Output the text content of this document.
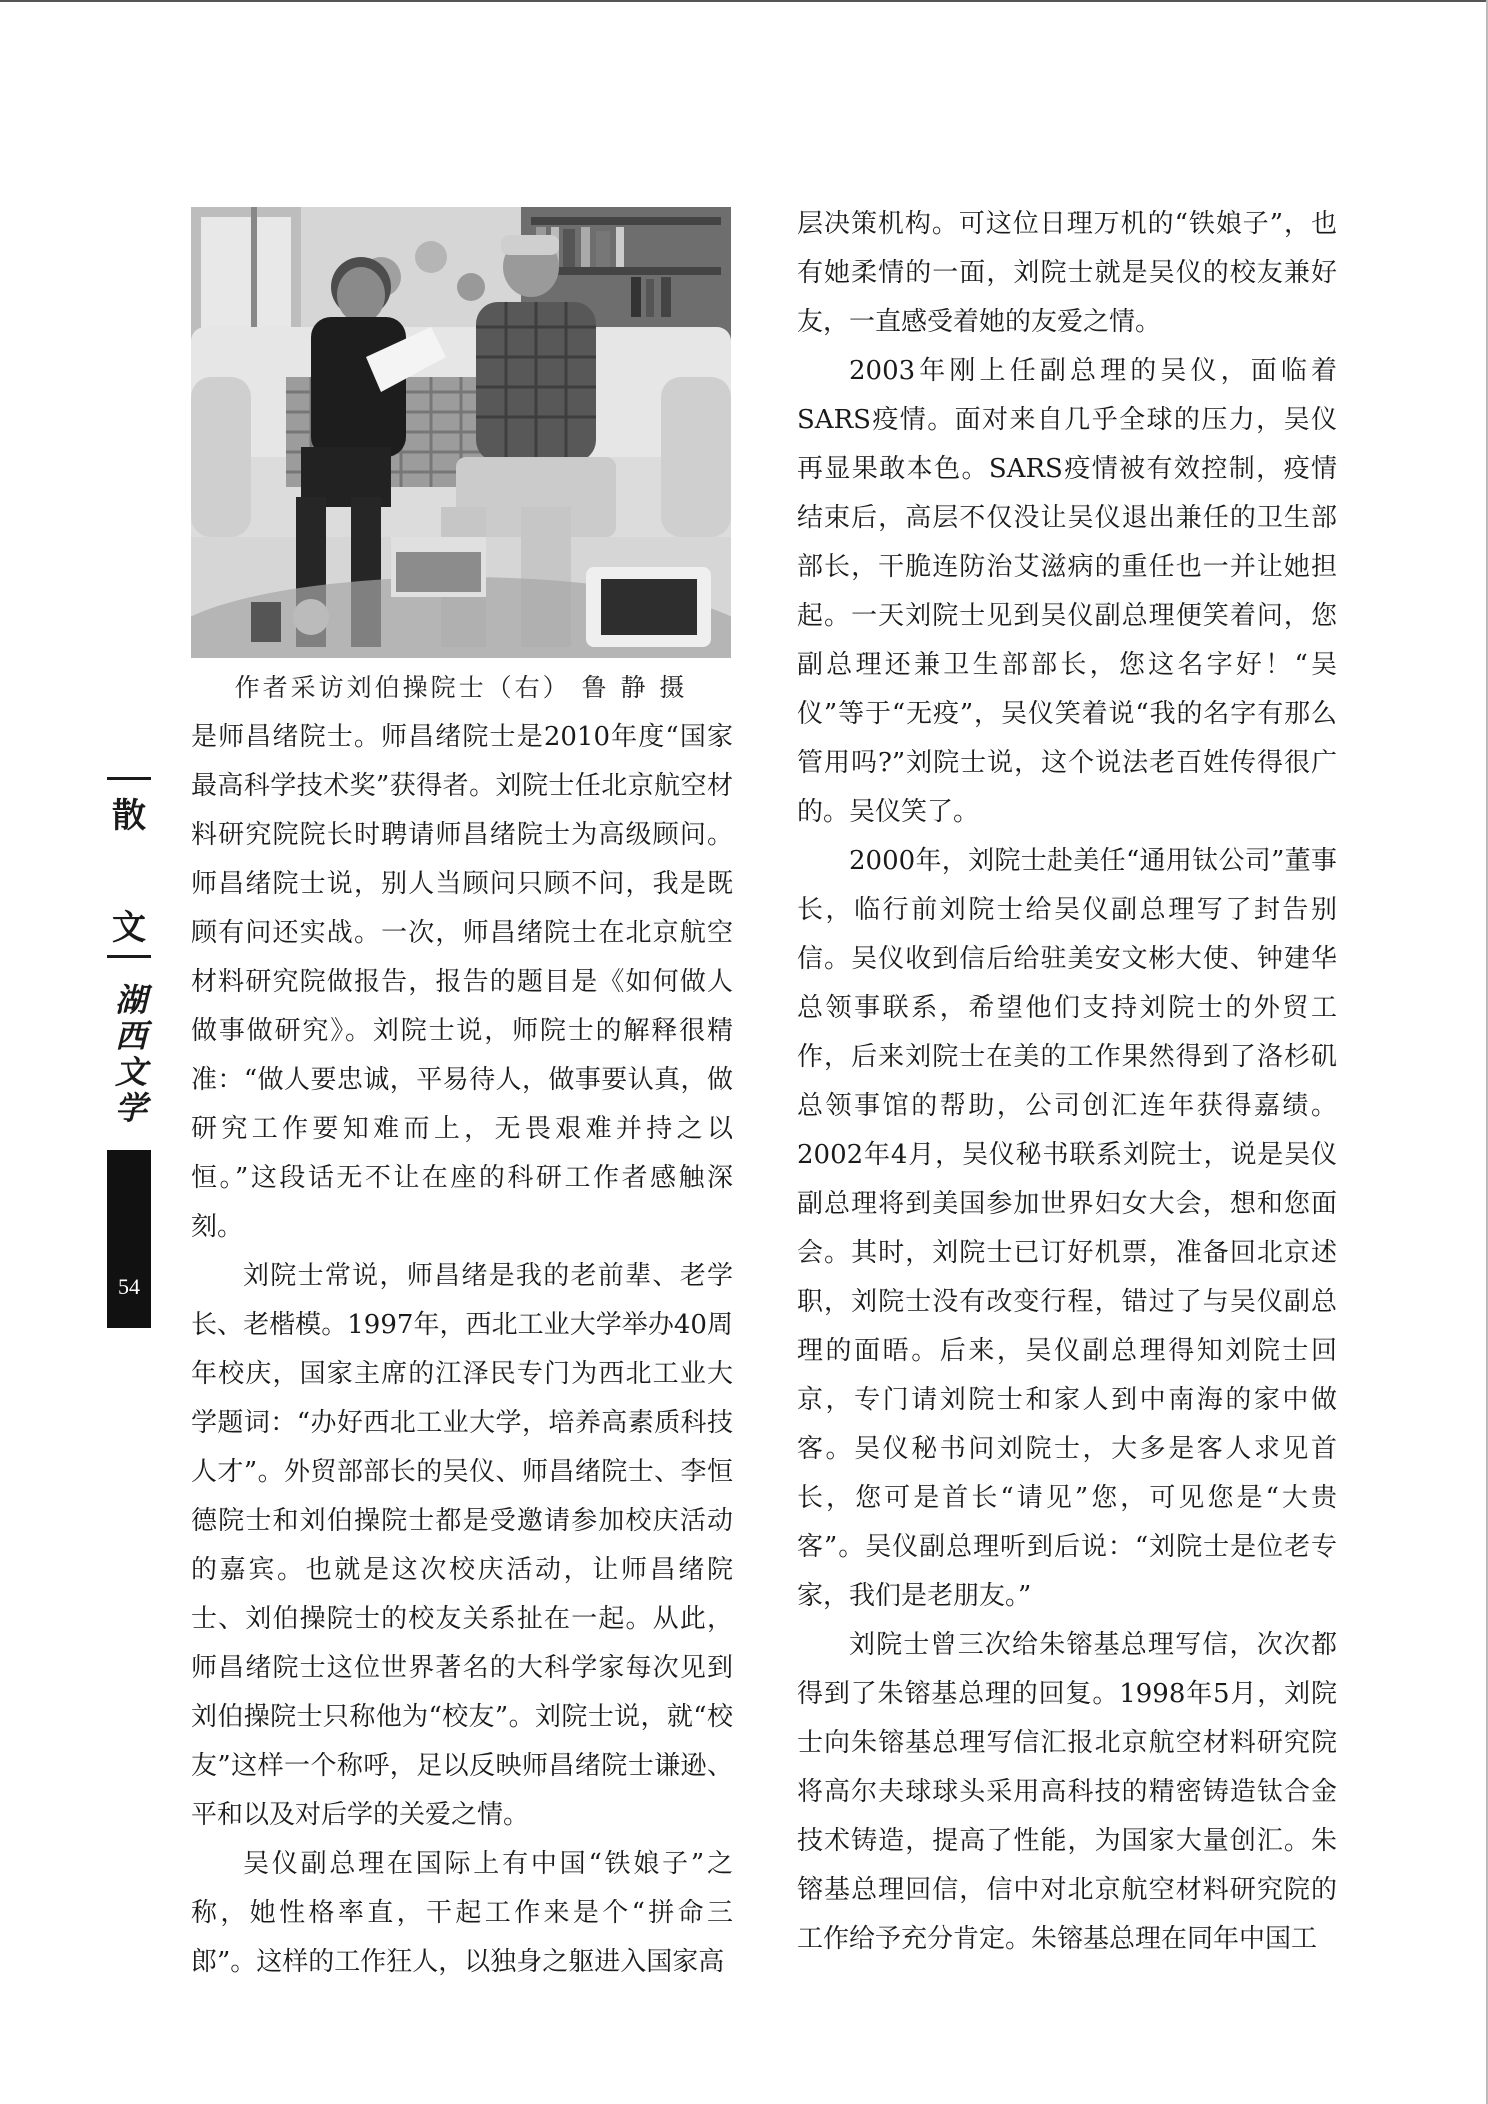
作者采访刘伯操院士（右） 鲁 静 摄
散
文
湖
西
文
学
54

是师昌绪院士。师昌绪院士是2010年度“国家最高科学技术奖”获得者。刘院士任北京航空材料研究院院长时聘请师昌绪院士为高级顾问。师昌绪院士说，别人当顾问只顾不问，我是既顾有问还实战。一次，师昌绪院士在北京航空材料研究院做报告，报告的题目是《如何做人做事做研究》。刘院士说，师院士的解释很精准：“做人要忠诚，平易待人，做事要认真，做研究工作要知难而上，无畏艰难并持之以恒。”这段话无不让在座的科研工作者感触深刻。

刘院士常说，师昌绪是我的老前辈、老学长、老楷模。1997年，西北工业大学举办40周年校庆，国家主席的江泽民专门为西北工业大学题词：“办好西北工业大学，培养高素质科技人才”。外贸部部长的吴仪、师昌绪院士、李恒德院士和刘伯操院士都是受邀请参加校庆活动的嘉宾。也就是这次校庆活动，让师昌绪院士、刘伯操院士的校友关系扯在一起。从此，师昌绪院士这位世界著名的大科学家每次见到刘伯操院士只称他为“校友”。刘院士说，就“校友”这样一个称呼，足以反映师昌绪院士谦逊、平和以及对后学的关爱之情。

吴仪副总理在国际上有中国“铁娘子”之称，她性格率直，干起工作来是个“拼命三郎”。这样的工作狂人，以独身之躯进入国家高

层决策机构。可这位日理万机的“铁娘子”，也有她柔情的一面，刘院士就是吴仪的校友兼好友，一直感受着她的友爱之情。

2003年刚上任副总理的吴仪，面临着SARS疫情。面对来自几乎全球的压力，吴仪再显果敢本色。SARS疫情被有效控制，疫情结束后，高层不仅没让吴仪退出兼任的卫生部部长，干脆连防治艾滋病的重任也一并让她担起。一天刘院士见到吴仪副总理便笑着问，您副总理还兼卫生部部长，您这名字好！“吴仪”等于“无疫”，吴仪笑着说“我的名字有那么管用吗?”刘院士说，这个说法老百姓传得很广的。吴仪笑了。

2000年，刘院士赴美任“通用钛公司”董事长，临行前刘院士给吴仪副总理写了封告别信。吴仪收到信后给驻美安文彬大使、钟建华总领事联系，希望他们支持刘院士的外贸工作，后来刘院士在美的工作果然得到了洛杉矶总领事馆的帮助，公司创汇连年获得嘉绩。2002年4月，吴仪秘书联系刘院士，说是吴仪副总理将到美国参加世界妇女大会，想和您面会。其时，刘院士已订好机票，准备回北京述职，刘院士没有改变行程，错过了与吴仪副总理的面晤。后来，吴仪副总理得知刘院士回京，专门请刘院士和家人到中南海的家中做客。吴仪秘书问刘院士，大多是客人求见首长，您可是首长“请见”您，可见您是“大贵客”。吴仪副总理听到后说：“刘院士是位老专家，我们是老朋友。”

刘院士曾三次给朱镕基总理写信，次次都得到了朱镕基总理的回复。1998年5月，刘院士向朱镕基总理写信汇报北京航空材料研究院将高尔夫球球头采用高科技的精密铸造钛合金技术铸造，提高了性能，为国家大量创汇。朱镕基总理回信，信中对北京航空材料研究院的工作给予充分肯定。朱镕基总理在同年中国工
